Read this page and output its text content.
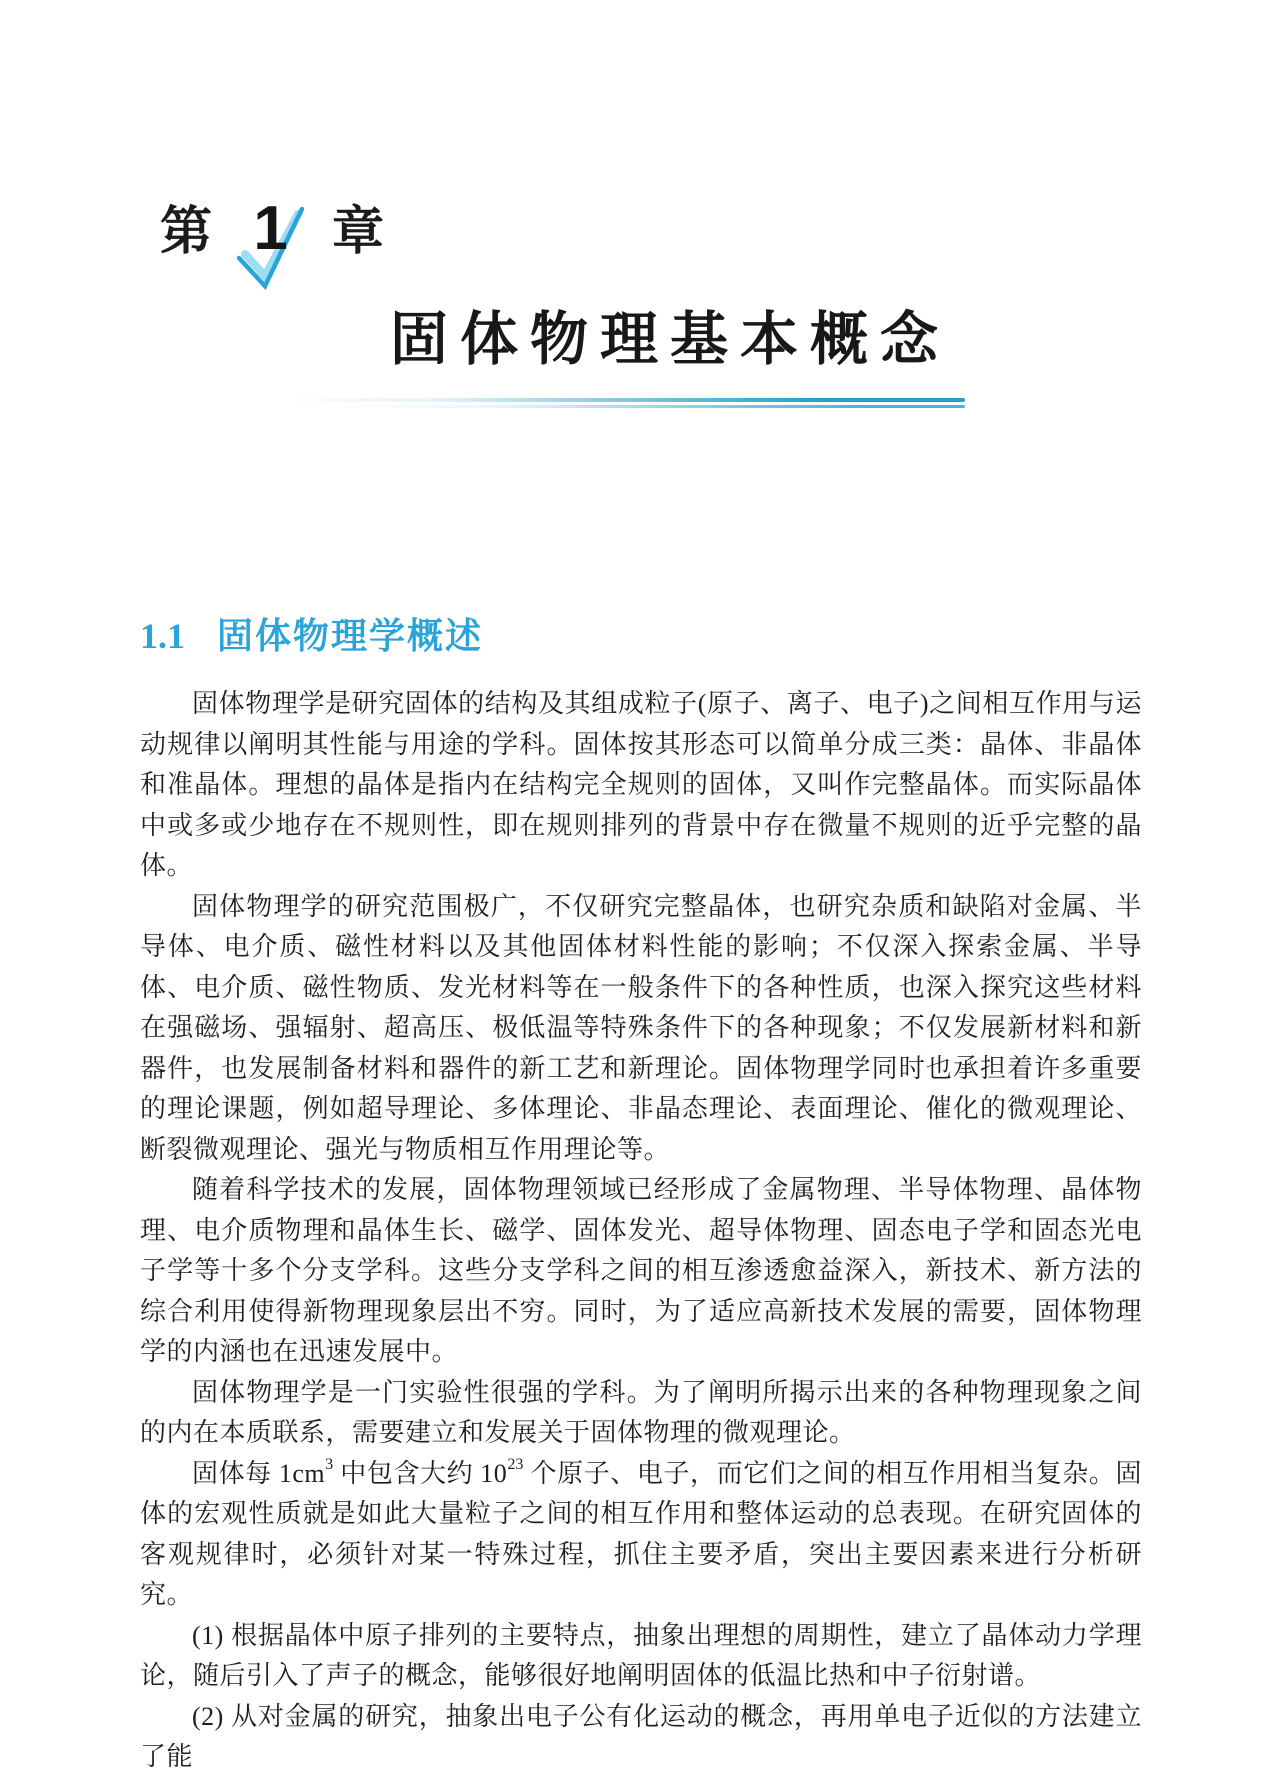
第 1 章
固体物理基本概念
1.1 固体物理学概述

固体物理学是研究固体的结构及其组成粒子(原子、离子、电子)之间相互作用与运动规律以阐明其性能与用途的学科。固体按其形态可以简单分成三类：晶体、非晶体和准晶体。理想的晶体是指内在结构完全规则的固体，又叫作完整晶体。而实际晶体中或多或少地存在不规则性，即在规则排列的背景中存在微量不规则的近乎完整的晶体。

固体物理学的研究范围极广，不仅研究完整晶体，也研究杂质和缺陷对金属、半导体、电介质、磁性材料以及其他固体材料性能的影响；不仅深入探索金属、半导体、电介质、磁性物质、发光材料等在一般条件下的各种性质，也深入探究这些材料在强磁场、强辐射、超高压、极低温等特殊条件下的各种现象；不仅发展新材料和新器件，也发展制备材料和器件的新工艺和新理论。固体物理学同时也承担着许多重要的理论课题，例如超导理论、多体理论、非晶态理论、表面理论、催化的微观理论、断裂微观理论、强光与物质相互作用理论等。

随着科学技术的发展，固体物理领域已经形成了金属物理、半导体物理、晶体物理、电介质物理和晶体生长、磁学、固体发光、超导体物理、固态电子学和固态光电子学等十多个分支学科。这些分支学科之间的相互渗透愈益深入，新技术、新方法的综合利用使得新物理现象层出不穷。同时，为了适应高新技术发展的需要，固体物理学的内涵也在迅速发展中。

固体物理学是一门实验性很强的学科。为了阐明所揭示出来的各种物理现象之间的内在本质联系，需要建立和发展关于固体物理的微观理论。

固体每 $1cm^3$ 中包含大约 $10^{23}$ 个原子、电子，而它们之间的相互作用相当复杂。固体的宏观性质就是如此大量粒子之间的相互作用和整体运动的总表现。在研究固体的客观规律时，必须针对某一特殊过程，抓住主要矛盾，突出主要因素来进行分析研究。

(1) 根据晶体中原子排列的主要特点，抽象出理想的周期性，建立了晶体动力学理论，随后引入了声子的概念，能够很好地阐明固体的低温比热和中子衍射谱。

(2) 从对金属的研究，抽象出电子公有化运动的概念，再用单电子近似的方法建立了能
